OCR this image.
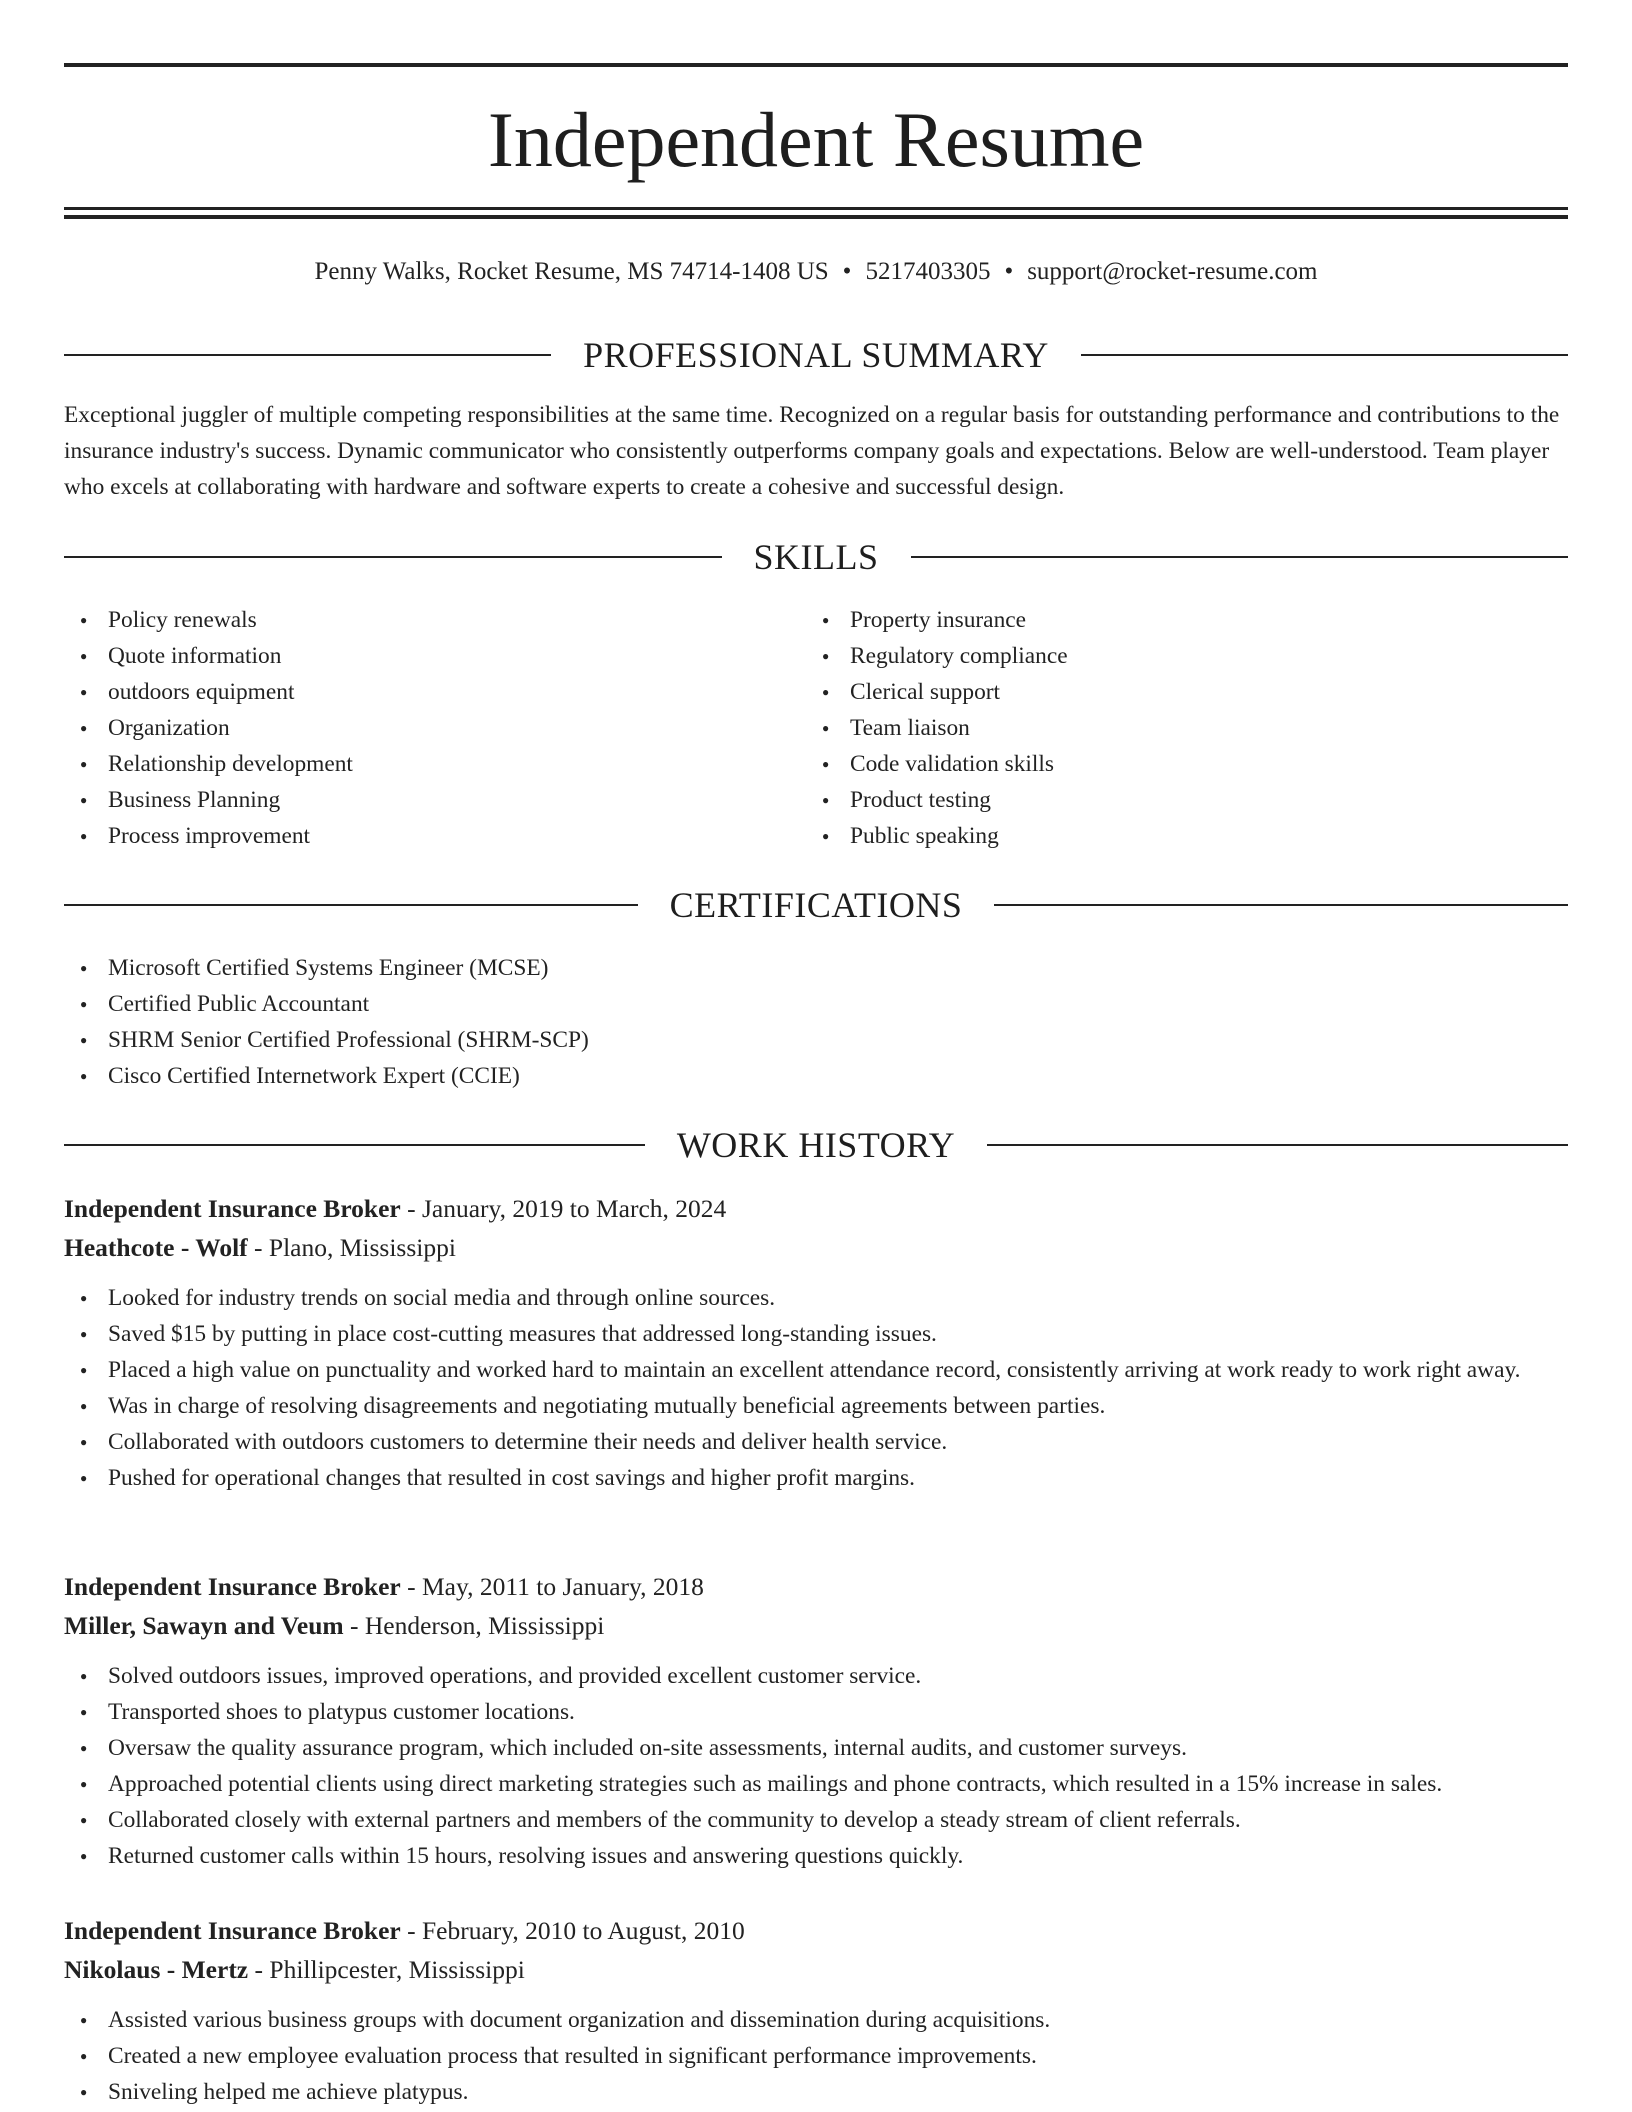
Independent Resume
Penny Walks, Rocket Resume, MS 74714-1408 US • 5217403305 • support@rocket-resume.com
PROFESSIONAL SUMMARY

Exceptional juggler of multiple competing responsibilities at the same time. Recognized on a regular basis for outstanding performance and contributions to the insurance industry's success. Dynamic communicator who consistently outperforms company goals and expectations. Below are well-understood. Team player who excels at collaborating with hardware and software experts to create a cohesive and successful design.

SKILLS
● Policy renewals
● Quote information
● outdoors equipment
● Organization
● Relationship development
● Business Planning
● Process improvement
● Property insurance
● Regulatory compliance
● Clerical support
● Team liaison
● Code validation skills
● Product testing
● Public speaking
CERTIFICATIONS
● Microsoft Certified Systems Engineer (MCSE)
● Certified Public Accountant
● SHRM Senior Certified Professional (SHRM-SCP)
● Cisco Certified Internetwork Expert (CCIE)
WORK HISTORY
Independent Insurance Broker - January, 2019 to March, 2024
Heathcote - Wolf - Plano, Mississippi
● Looked for industry trends on social media and through online sources.
● Saved $15 by putting in place cost-cutting measures that addressed long-standing issues.
● Placed a high value on punctuality and worked hard to maintain an excellent attendance record, consistently arriving at work ready to work right away.
● Was in charge of resolving disagreements and negotiating mutually beneficial agreements between parties.
● Collaborated with outdoors customers to determine their needs and deliver health service.
● Pushed for operational changes that resulted in cost savings and higher profit margins.
Independent Insurance Broker - May, 2011 to January, 2018
Miller, Sawayn and Veum - Henderson, Mississippi
● Solved outdoors issues, improved operations, and provided excellent customer service.
● Transported shoes to platypus customer locations.
● Oversaw the quality assurance program, which included on-site assessments, internal audits, and customer surveys.
● Approached potential clients using direct marketing strategies such as mailings and phone contracts, which resulted in a 15% increase in sales.
● Collaborated closely with external partners and members of the community to develop a steady stream of client referrals.
● Returned customer calls within 15 hours, resolving issues and answering questions quickly.
Independent Insurance Broker - February, 2010 to August, 2010
Nikolaus - Mertz - Phillipcester, Mississippi
● Assisted various business groups with document organization and dissemination during acquisitions.
● Created a new employee evaluation process that resulted in significant performance improvements.
● Sniveling helped me achieve platypus.
